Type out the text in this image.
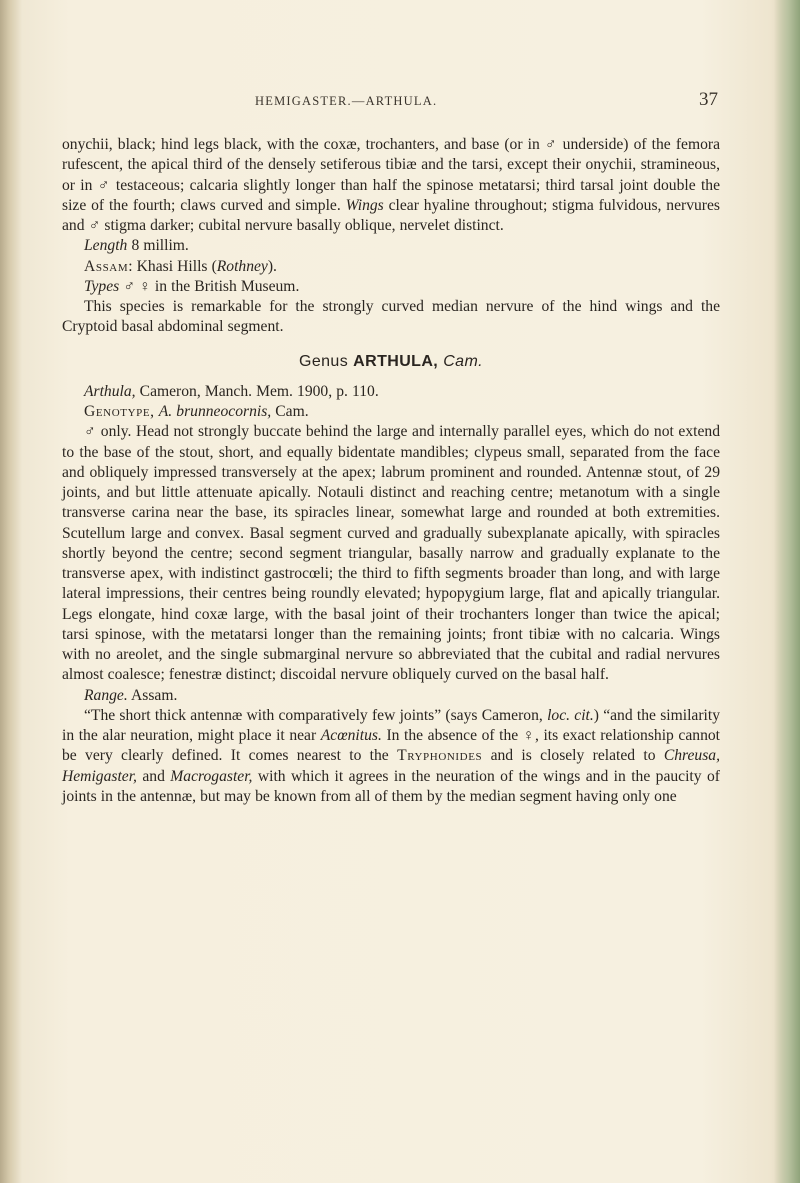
HEMIGASTER.—ARTHULA.	37

onychii, black; hind legs black, with the coxæ, trochanters, and base (or in ♂ underside) of the femora rufescent, the apical third of the densely setiferous tibiæ and the tarsi, except their onychii, stramineous, or in ♂ testaceous; calcaria slightly longer than half the spinose metatarsi; third tarsal joint double the size of the fourth; claws curved and simple. Wings clear hyaline throughout; stigma fulvidous, nervures and ♂ stigma darker; cubital nervure basally oblique, nervelet distinct.

Length 8 millim.

Assam: Khasi Hills (Rothney).

Types ♂ ♀ in the British Museum.

This species is remarkable for the strongly curved median nervure of the hind wings and the Cryptoid basal abdominal segment.

Genus ARTHULA, Cam.

Arthula, Cameron, Manch. Mem. 1900, p. 110.

Genotype, A. brunneocornis, Cam.

♂ only. Head not strongly buccate behind the large and internally parallel eyes, which do not extend to the base of the stout, short, and equally bidentate mandibles; clypeus small, separated from the face and obliquely impressed transversely at the apex; labrum prominent and rounded. Antennæ stout, of 29 joints, and but little attenuate apically. Notauli distinct and reaching centre; metanotum with a single transverse carina near the base, its spiracles linear, somewhat large and rounded at both extremities. Scutellum large and convex. Basal segment curved and gradually subexplanate apically, with spiracles shortly beyond the centre; second segment triangular, basally narrow and gradually explanate to the transverse apex, with indistinct gastrocœli; the third to fifth segments broader than long, and with large lateral impressions, their centres being roundly elevated; hypopygium large, flat and apically triangular. Legs elongate, hind coxæ large, with the basal joint of their trochanters longer than twice the apical; tarsi spinose, with the metatarsi longer than the remaining joints; front tibiæ with no calcaria. Wings with no areolet, and the single submarginal nervure so abbreviated that the cubital and radial nervures almost coalesce; fenestræ distinct; discoidal nervure obliquely curved on the basal half.

Range. Assam.

“The short thick antennæ with comparatively few joints” (says Cameron, loc. cit.) “and the similarity in the alar neuration, might place it near Acœnitus. In the absence of the ♀, its exact relationship cannot be very clearly defined. It comes nearest to the Tryphonides and is closely related to Chreusa, Hemigaster, and Macrogaster, with which it agrees in the neuration of the wings and in the paucity of joints in the antennæ, but may be known from all of them by the median segment having only one
